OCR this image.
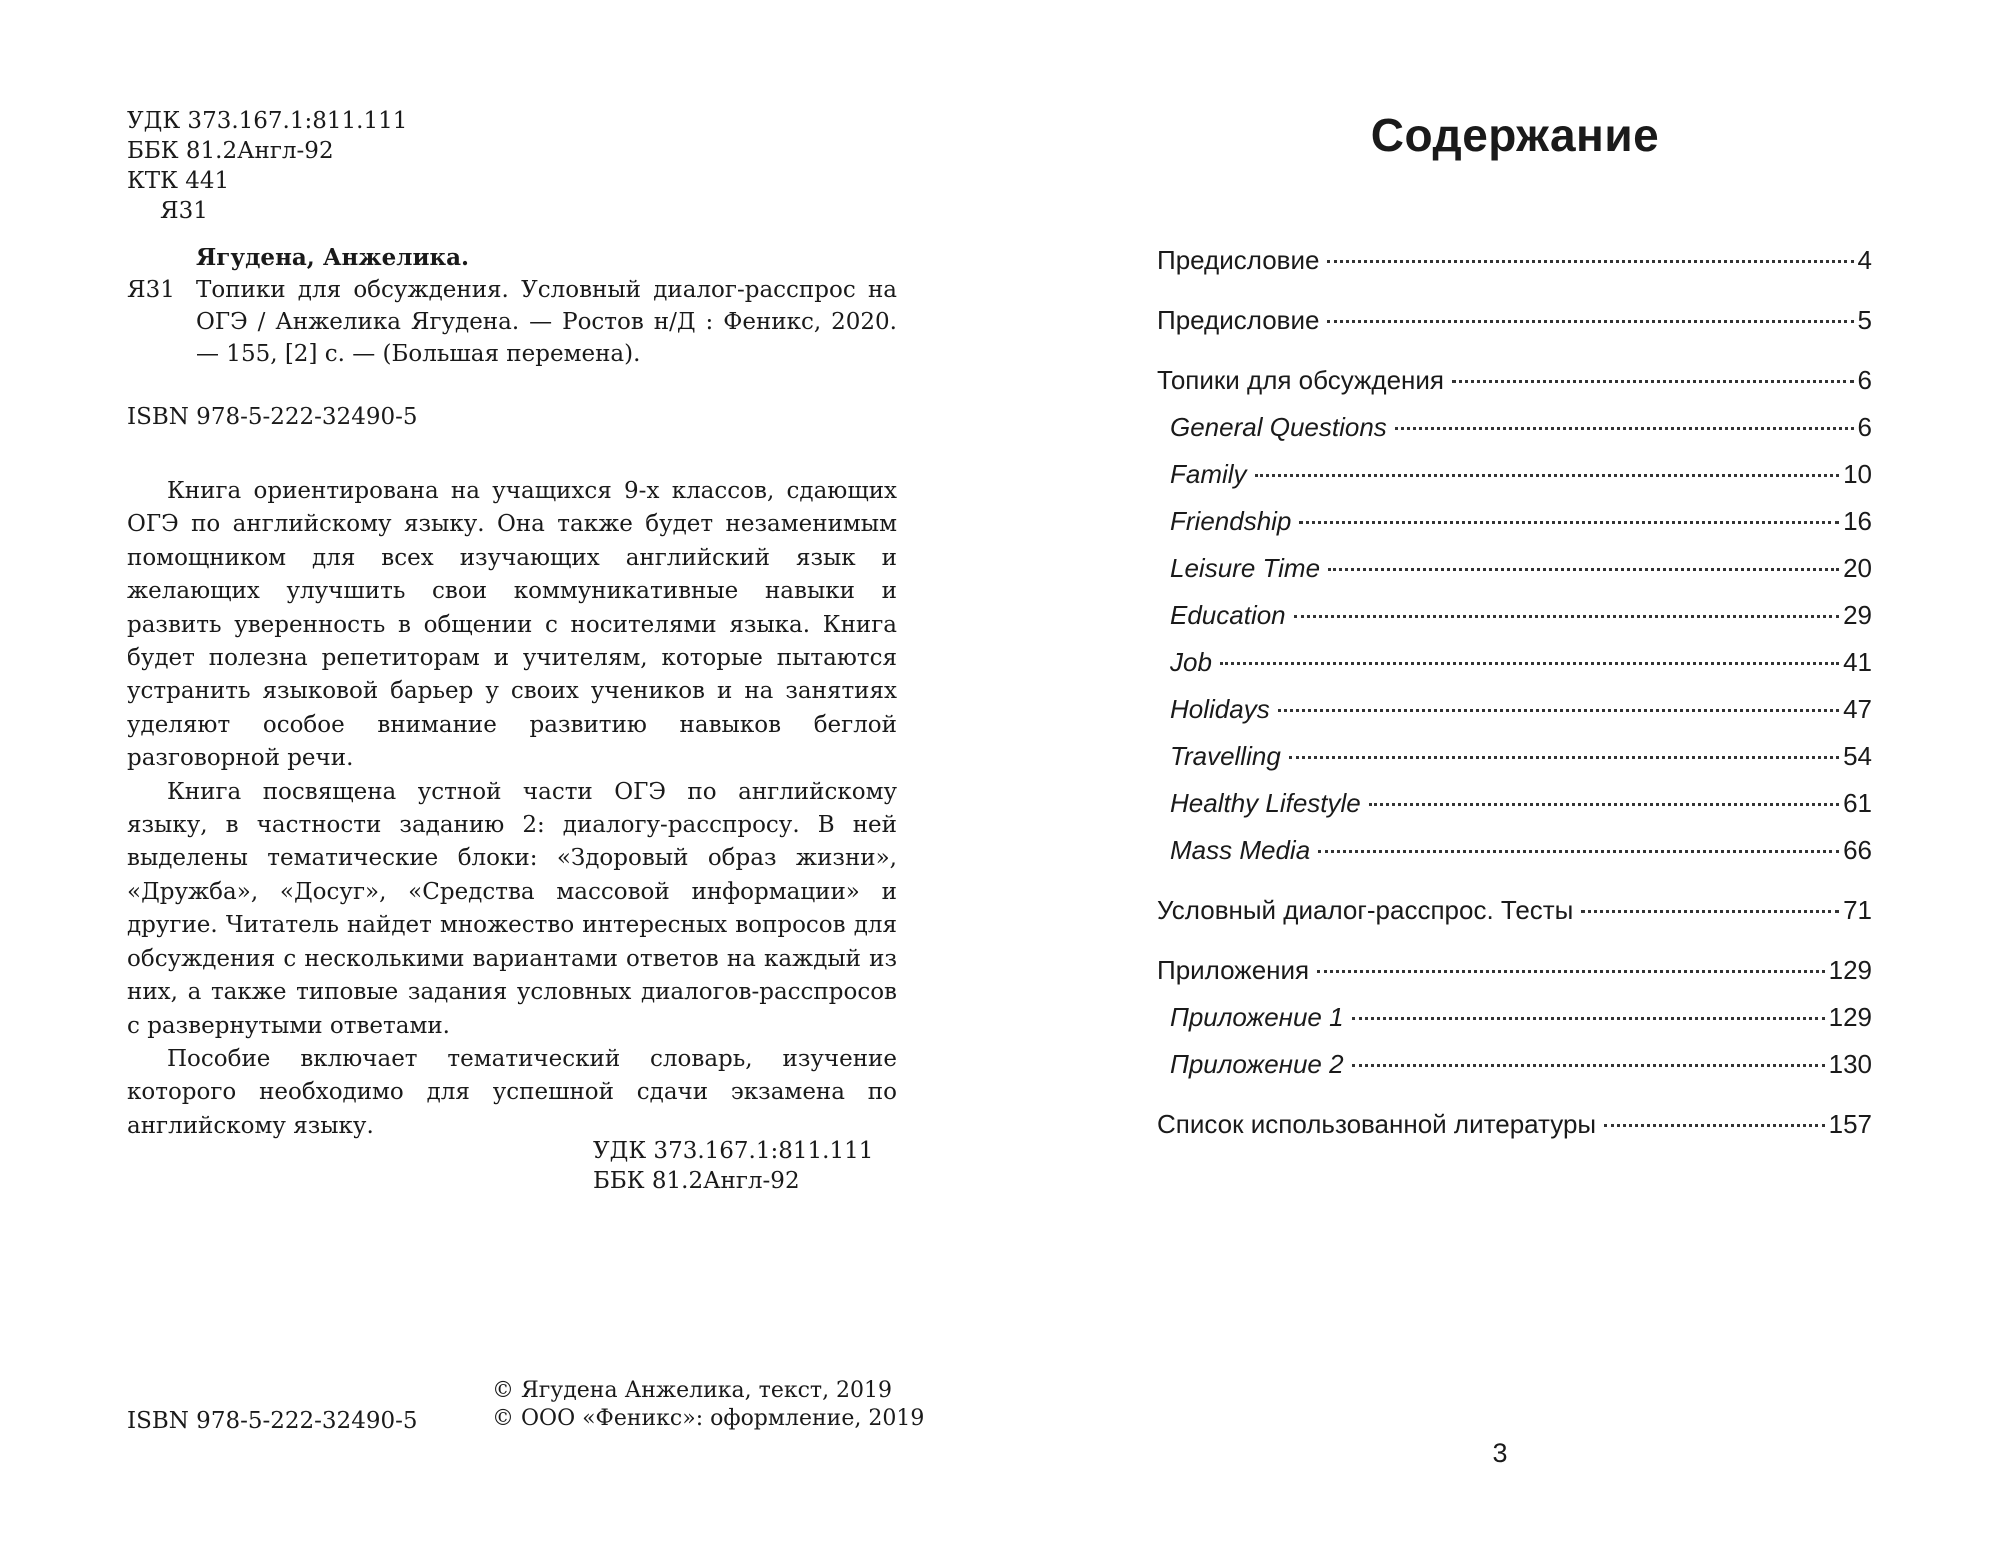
УДК 373.167.1:811.111
ББК 81.2Англ-92
КТК 441
Я31
Ягудена, Анжелика.
Я31 Топики для обсуждения. Условный диалог-расспрос на ОГЭ / Анжелика Ягудена. — Ростов н/Д : Феникс, 2020. — 155, [2] с. — (Большая перемена).
ISBN 978-5-222-32490-5

Книга ориентирована на учащихся 9-х классов, сдающих ОГЭ по английскому языку. Она также будет незаменимым помощником для всех изучающих английский язык и желающих улучшить свои коммуникативные навыки и развить уверенность в общении с носителями языка. Книга будет полезна репетиторам и учителям, которые пытаются устранить языковой барьер у своих учеников и на занятиях уделяют особое внимание развитию навыков беглой разговорной речи.

Книга посвящена устной части ОГЭ по английскому языку, в частности заданию 2: диалогу-расспросу. В ней выделены тематические блоки: «Здоровый образ жизни», «Дружба», «Досуг», «Средства массовой информации» и другие. Читатель найдет множество интересных вопросов для обсуждения с несколькими вариантами ответов на каждый из них, а также типовые задания условных диалогов-расспросов с развернутыми ответами.

Пособие включает тематический словарь, изучение которого необходимо для успешной сдачи экзамена по английскому языку.

УДК 373.167.1:811.111
ББК 81.2Англ-92
© Ягудена Анжелика, текст, 2019
© ООО «Феникс»: оформление, 2019
ISBN 978-5-222-32490-5
Содержание
Предисловие	4
Предисловие	5
Топики для обсуждения	6
General Questions	6
Family	10
Friendship	16
Leisure Time	20
Education	29
Job	41
Holidays	47
Travelling	54
Healthy Lifestyle	61
Mass Media	66
Условный диалог-расспрос. Тесты	71
Приложения	129
Приложение 1	129
Приложение 2	130
Список использованной литературы	157
3
